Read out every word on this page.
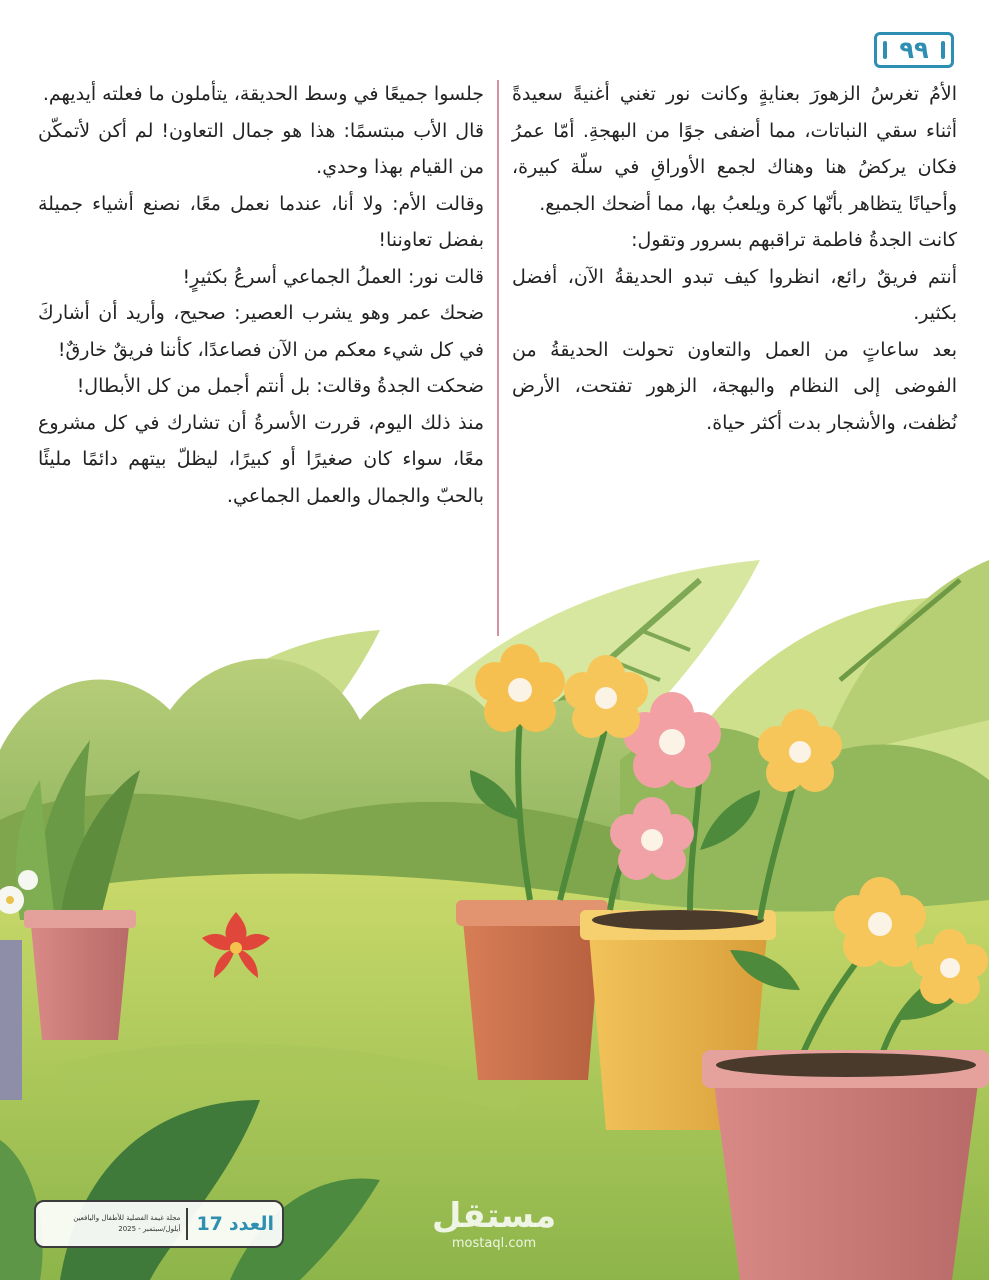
٩٩

الأمُ تغرسُ الزهورَ بعنايةٍ وكانت نور تغني أغنيةً سعيدةً أثناء سقي النباتات، مما أضفى جوًا من البهجةِ. أمّا عمرُ فكان يركضُ هنا وهناك لجمع الأوراقِ في سلّة كبيرة، وأحيانًا يتظاهر بأنّها كرة ويلعبُ بها، مما أضحك الجميع.

كانت الجدةُ فاطمة تراقبهم بسرور وتقول:

أنتم فريقٌ رائع، انظروا كيف تبدو الحديقةُ الآن، أفضل بكثير.

بعد ساعاتٍ من العمل والتعاون تحولت الحديقةُ من الفوضى إلى النظام والبهجة، الزهور تفتحت، الأرض نُظفت، والأشجار بدت أكثر حياة.

جلسوا جميعًا في وسط الحديقة، يتأملون ما فعلته أيديهم.

قال الأب مبتسمًا: هذا هو جمال التعاون! لم أكن لأتمكّن من القيام بهذا وحدي.

وقالت الأم: ولا أنا، عندما نعمل معًا، نصنع أشياء جميلة بفضل تعاوننا!

قالت نور: العملُ الجماعي أسرعُ بكثيرٍ!

ضحك عمر وهو يشرب العصير: صحيح، وأريد أن أشاركَ في كل شيء معكم من الآن فصاعدًا، كأننا فريقٌ خارقٌ!

ضحكت الجدةُ وقالت: بل أنتم أجمل من كل الأبطال!

منذ ذلك اليوم، قررت الأسرةُ أن تشارك في كل مشروع معًا، سواء كان صغيرًا أو كبيرًا، ليظلّ بيتهم دائمًا مليئًا بالحبّ والجمال والعمل الجماعي.

العدد
17
مجلة غيمة الفصلية للأطفال واليافعين
أيلول/سبتمبر - 2025	مستقل
mostaql.com
